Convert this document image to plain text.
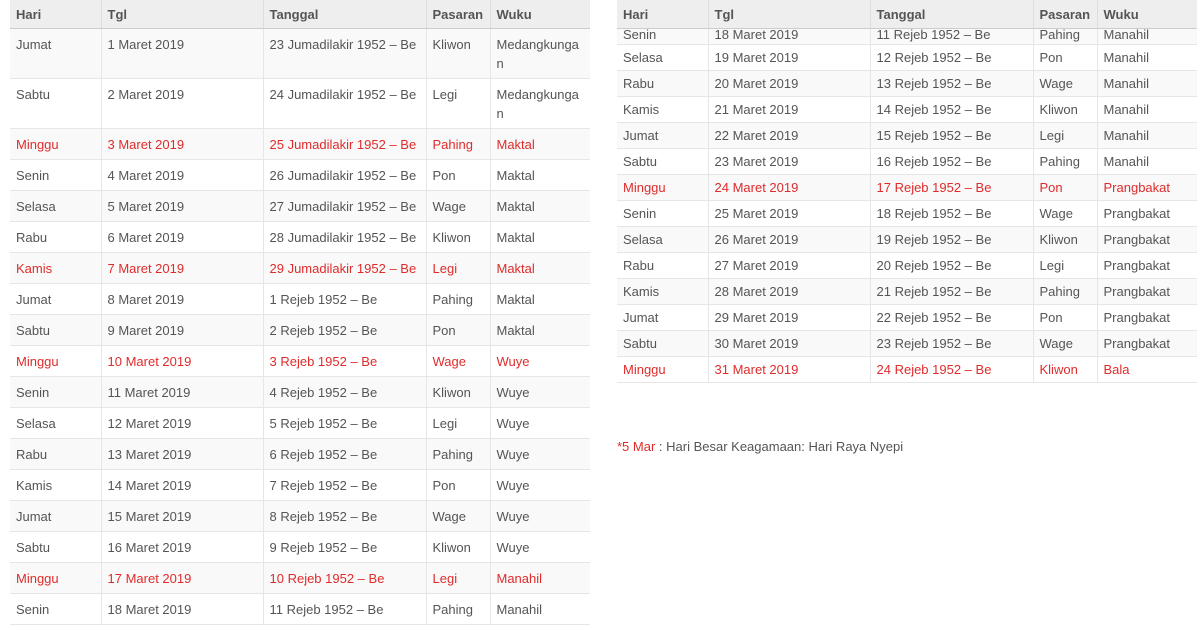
Hari	Tgl	Tanggal	Pasaran	Wuku
Jumat	1 Maret 2019	23 Jumadilakir 1952 – Be	Kliwon	Medangkungan
Sabtu	2 Maret 2019	24 Jumadilakir 1952 – Be	Legi	Medangkungan
Minggu	3 Maret 2019	25 Jumadilakir 1952 – Be	Pahing	Maktal
Senin	4 Maret 2019	26 Jumadilakir 1952 – Be	Pon	Maktal
Selasa	5 Maret 2019	27 Jumadilakir 1952 – Be	Wage	Maktal
Rabu	6 Maret 2019	28 Jumadilakir 1952 – Be	Kliwon	Maktal
Kamis	7 Maret 2019	29 Jumadilakir 1952 – Be	Legi	Maktal
Jumat	8 Maret 2019	1 Rejeb 1952 – Be	Pahing	Maktal
Sabtu	9 Maret 2019	2 Rejeb 1952 – Be	Pon	Maktal
Minggu	10 Maret 2019	3 Rejeb 1952 – Be	Wage	Wuye
Senin	11 Maret 2019	4 Rejeb 1952 – Be	Kliwon	Wuye
Selasa	12 Maret 2019	5 Rejeb 1952 – Be	Legi	Wuye
Rabu	13 Maret 2019	6 Rejeb 1952 – Be	Pahing	Wuye
Kamis	14 Maret 2019	7 Rejeb 1952 – Be	Pon	Wuye
Jumat	15 Maret 2019	8 Rejeb 1952 – Be	Wage	Wuye
Sabtu	16 Maret 2019	9 Rejeb 1952 – Be	Kliwon	Wuye
Minggu	17 Maret 2019	10 Rejeb 1952 – Be	Legi	Manahil
Senin	18 Maret 2019	11 Rejeb 1952 – Be	Pahing	Manahil
Hari	Tgl	Tanggal	Pasaran	Wuku
Senin	18 Maret 2019	11 Rejeb 1952 – Be	Pahing	Manahil
Selasa	19 Maret 2019	12 Rejeb 1952 – Be	Pon	Manahil
Rabu	20 Maret 2019	13 Rejeb 1952 – Be	Wage	Manahil
Kamis	21 Maret 2019	14 Rejeb 1952 – Be	Kliwon	Manahil
Jumat	22 Maret 2019	15 Rejeb 1952 – Be	Legi	Manahil
Sabtu	23 Maret 2019	16 Rejeb 1952 – Be	Pahing	Manahil
Minggu	24 Maret 2019	17 Rejeb 1952 – Be	Pon	Prangbakat
Senin	25 Maret 2019	18 Rejeb 1952 – Be	Wage	Prangbakat
Selasa	26 Maret 2019	19 Rejeb 1952 – Be	Kliwon	Prangbakat
Rabu	27 Maret 2019	20 Rejeb 1952 – Be	Legi	Prangbakat
Kamis	28 Maret 2019	21 Rejeb 1952 – Be	Pahing	Prangbakat
Jumat	29 Maret 2019	22 Rejeb 1952 – Be	Pon	Prangbakat
Sabtu	30 Maret 2019	23 Rejeb 1952 – Be	Wage	Prangbakat
Minggu	31 Maret 2019	24 Rejeb 1952 – Be	Kliwon	Bala
*5 Mar : Hari Besar Keagamaan: Hari Raya Nyepi
